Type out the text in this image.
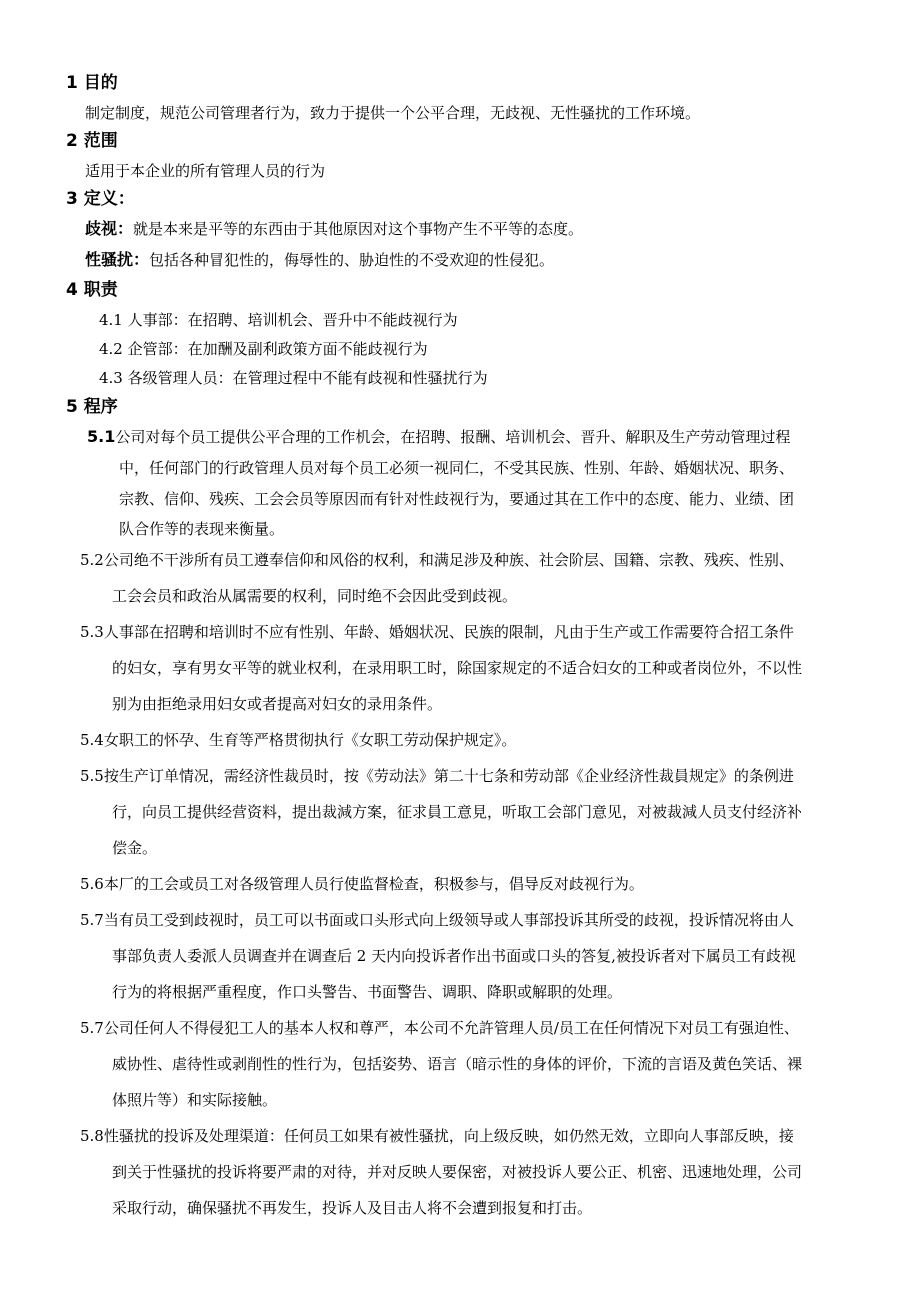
1 目的
制定制度，规范公司管理者行为，致力于提供一个公平合理，无歧视、无性骚扰的工作环境。
2 范围
适用于本企业的所有管理人员的行为
3 定义：
歧视：就是本来是平等的东西由于其他原因对这个事物产生不平等的态度。
性骚扰：包括各种冒犯性的，侮辱性的、胁迫性的不受欢迎的性侵犯。
4 职责
4.1 人事部：在招聘、培训机会、晋升中不能歧视行为
4.2 企管部：在加酬及副利政策方面不能歧视行为
4.3 各级管理人员：在管理过程中不能有歧视和性骚扰行为
5 程序
5.1公司对每个员工提供公平合理的工作机会，在招聘、报酬、培训机会、晋升、解职及生产劳动管理过程
中，任何部门的行政管理人员对每个员工必须一视同仁，不受其民族、性别、年龄、婚姻状况、职务、
宗教、信仰、残疾、工会会员等原因而有针对性歧视行为，要通过其在工作中的态度、能力、业绩、团
队合作等的表现来衡量。
5.2公司绝不干涉所有员工遵奉信仰和风俗的权利，和满足涉及种族、社会阶层、国籍、宗教、残疾、性别、
工会会员和政治从属需要的权利，同时绝不会因此受到歧视。
5.3人事部在招聘和培训时不应有性别、年龄、婚姻状况、民族的限制，凡由于生产或工作需要符合招工条件
的妇女，享有男女平等的就业权利，在录用职工时，除国家规定的不适合妇女的工种或者岗位外，不以性
别为由拒绝录用妇女或者提高对妇女的录用条件。
5.4女职工的怀孕、生育等严格贯彻执行《女职工劳动保护规定》。
5.5按生产订单情况，需经济性裁员时，按《劳动法》第二十七条和劳动部《企业经济性裁員规定》的条例进
行，向员工提供经营资料，提出裁減方案，征求員工意見，听取工会部门意见，对被裁減人员支付经济补
偿金。
5.6本厂的工会或员工对各级管理人员行使监督检查，积极参与，倡导反对歧视行为。
5.7当有员工受到歧视时，员工可以书面或口头形式向上级领导或人事部投诉其所受的歧视，投诉情况将由人
事部负责人委派人员调查并在调查后 2 天内向投诉者作出书面或口头的答复,被投诉者对下属员工有歧视
行为的将根据严重程度，作口头警告、书面警告、调职、降职或解职的处理。
5.7公司任何人不得侵犯工人的基本人权和尊严，本公司不允許管理人员/员工在任何情况下对员工有强迫性、
威协性、虐待性或剥削性的性行为，包括姿势、语言（暗示性的身体的评价，下流的言语及黄色笑话、裸
体照片等）和实际接触。
5.8性骚扰的投诉及处理渠道：任何员工如果有被性骚扰，向上级反映，如仍然无效，立即向人事部反映，接
到关于性骚扰的投诉将要严肃的对待，并对反映人要保密，对被投诉人要公正、机密、迅速地处理，公司
采取行动，确保骚扰不再发生，投诉人及目击人将不会遭到报复和打击。
